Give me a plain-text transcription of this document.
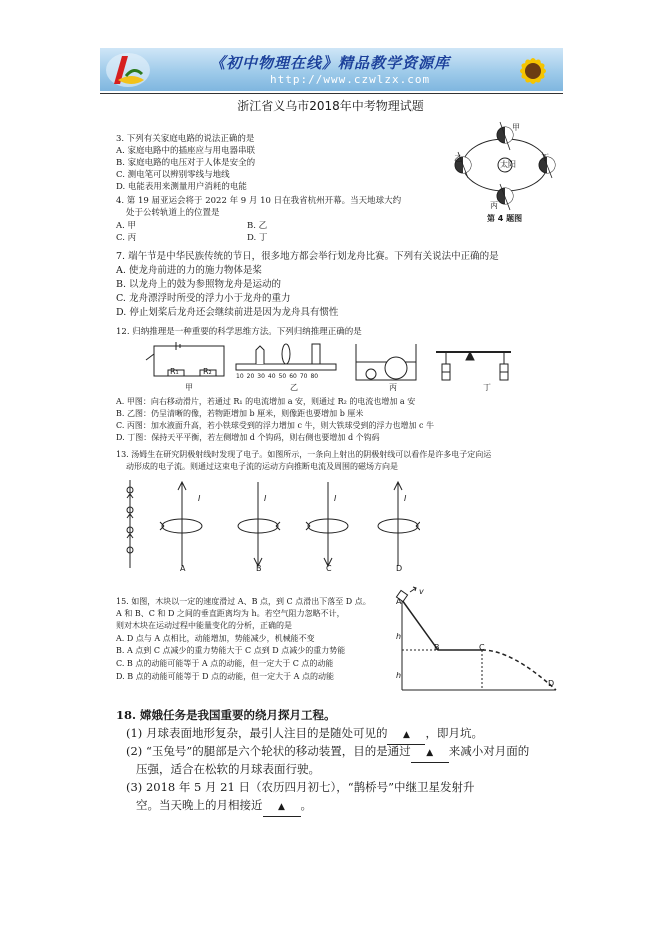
《初中物理在线》精品教学资源库
http://www.czwlzx.com
浙江省义乌市2018年中考物理试题
3. 下列有关家庭电路的说法正确的是
A. 家庭电路中的插座应与用电器串联
B. 家庭电路的电压对于人体是安全的
C. 测电笔可以辨别零线与地线
D. 电能表用来测量用户消耗的电能
4. 第 19 届亚运会将于 2022 年 9 月 10 日在我省杭州开幕。当天地球大约
处于公转轨道上的位置是
A. 甲	B. 乙
C. 丙	D. 丁
太阳
甲
乙
丙
丁
第 4 题图
7. 端午节是中华民族传统的节日，很多地方都会举行划龙舟比赛。下列有关说法中正确的是
A. 使龙舟前进的力的施力物体是桨
B. 以龙舟上的鼓为参照物龙舟是运动的
C. 龙舟漂浮时所受的浮力小于龙舟的重力
D. 停止划桨后龙舟还会继续前进是因为龙舟具有惯性
12. 归纳推理是一种重要的科学思维方法。下列归纳推理正确的是
R₁	R₂
10 20 30 40 50 60 70 80
甲	乙	丙	丁
A. 甲图：向右移动滑片，若通过 R₁ 的电流增加 a 安，则通过 R₂ 的电流也增加 a 安
B. 乙图：仍呈清晰的像，若物距增加 b 厘米，则像距也要增加 b 厘米
C. 丙图：加水液面升高，若小铁球受到的浮力增加 c 牛，则大铁球受到的浮力也增加 c 牛
D. 丁图：保持天平平衡，若左侧增加 d 个钩码，则右侧也要增加 d 个钩码
13. 汤姆生在研究阴极射线时发现了电子。如图所示，一条向上射出的阴极射线可以看作是许多电子定向运
动形成的电子流。则通过这束电子流的运动方向推断电流及周围的磁场方向是
I	I	I	I
A	B	C	D
15. 如图，木块以一定的速度滑过 A、B 点，到 C 点滑出下落至 D 点。
A 和 B、C 和 D 之间的垂直距离均为 h。若空气阻力忽略不计，
则对木块在运动过程中能量变化的分析，正确的是
A. D 点与 A 点相比，动能增加，势能减少，机械能不变
B. A 点到 C 点减少的重力势能大于 C 点到 D 点减少的重力势能
C. B 点的动能可能等于 A 点的动能，但一定大于 C 点的动能
D. B 点的动能可能等于 D 点的动能，但一定大于 A 点的动能
A
B	C
D
v
h
h
18. 嫦娥任务是我国重要的绕月探月工程。
(1) 月球表面地形复杂，最引人注目的是随处可见的 ▲ ，即月坑。
(2) “玉兔号”的腿部是六个轮状的移动装置，目的是通过 ▲ 来减小对月面的
压强，适合在松软的月球表面行驶。
(3) 2018 年 5 月 21 日（农历四月初七），“鹊桥号”中继卫星发射升
空。当天晚上的月相接近 ▲ 。
